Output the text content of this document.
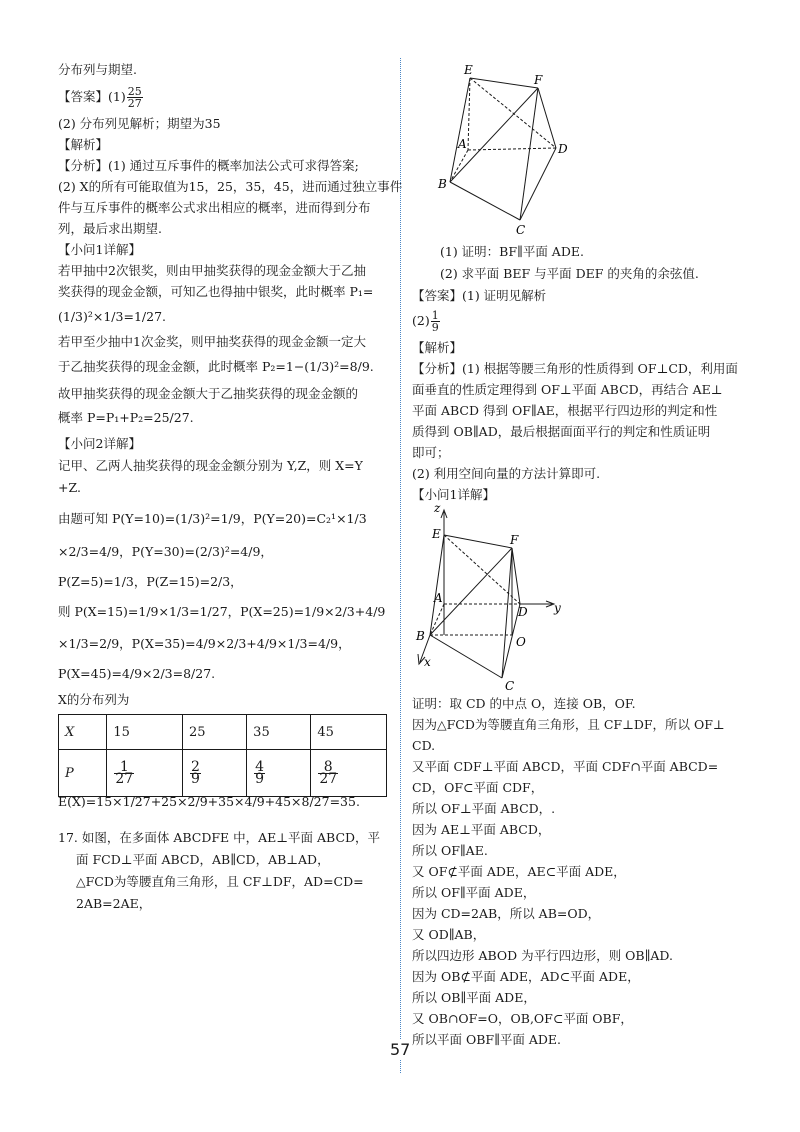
分布列与期望.
【答案】$(1) \frac{25}{27}$
(2) 分布列见解析；期望为35
【解析】
【分析】(1) 通过互斥事件的概率加法公式可求得答案;
(2) X的所有可能取值为15，25，35，45，进而通过独立事件
件与互斥事件的概率公式求出相应的概率，进而得到分布
列，最后求出期望.
【小问1详解】
若甲抽中2次银奖，则由甲抽奖获得的现金金额大于乙抽
奖获得的现金金额，可知乙也得抽中银奖，此时概率 P₁=
(1/3)²×1/3=1/27.
若甲至少抽中1次金奖，则甲抽奖获得的现金金额一定大
于乙抽奖获得的现金金额，此时概率 P₂=1−(1/3)²=8/9.
故甲抽奖获得的现金金额大于乙抽奖获得的现金金额的
概率 P=P₁+P₂=25/27.
【小问2详解】
记甲、乙两人抽奖获得的现金金额分别为 Y,Z，则 X=Y
+Z.
由题可知 P(Y=10)=(1/3)²=1/9，P(Y=20)=C₂¹×1/3
×2/3=4/9，P(Y=30)=(2/3)²=4/9，
P(Z=5)=1/3，P(Z=15)=2/3，
则 P(X=15)=1/9×1/3=1/27，P(X=25)=1/9×2/3+4/9
×1/3=2/9，P(X=35)=4/9×2/3+4/9×1/3=4/9，
P(X=45)=4/9×2/3=8/27.
X的分布列为
X	15	25	35	45
P	$\frac{1}{27}$	$\frac{2}{9}$	$\frac{4}{9}$	$\frac{8}{27}$
E(X)=15×1/27+25×2/9+35×4/9+45×8/27=35.
17. 如图，在多面体 ABCDFE 中，AE⊥平面 ABCD，平
面 FCD⊥平面 ABCD，AB∥CD，AB⊥AD，
△FCD为等腰直角三角形，且 CF⊥DF，AD=CD=
2AB=2AE，
E
F
A	D
B
C
(1) 证明：BF∥平面 ADE.
(2) 求平面 BEF 与平面 DEF 的夹角的余弦值.
【答案】(1) 证明见解析
$(2) \frac{1}{9}$
【解析】
【分析】(1) 根据等腰三角形的性质得到 OF⊥CD，利用面
面垂直的性质定理得到 OF⊥平面 ABCD，再结合 AE⊥
平面 ABCD 得到 OF∥AE，根据平行四边形的判定和性
质得到 OB∥AD，最后根据面面平行的判定和性质证明
即可；
(2) 利用空间向量的方法计算即可.
【小问1详解】
z
E	F
A
D y
B	O
x
C
证明：取 CD 的中点 O，连接 OB，OF.
因为△FCD为等腰直角三角形，且 CF⊥DF，所以 OF⊥
CD.
又平面 CDF⊥平面 ABCD，平面 CDF∩平面 ABCD=
CD，OF⊂平面 CDF，
所以 OF⊥平面 ABCD，.
因为 AE⊥平面 ABCD，
所以 OF∥AE.
又 OF⊄平面 ADE，AE⊂平面 ADE，
所以 OF∥平面 ADE，
因为 CD=2AB，所以 AB=OD，
又 OD∥AB，
所以四边形 ABOD 为平行四边形，则 OB∥AD.
因为 OB⊄平面 ADE，AD⊂平面 ADE，
所以 OB∥平面 ADE，
又 OB∩OF=O，OB,OF⊂平面 OBF，
所以平面 OBF∥平面 ADE.
57
